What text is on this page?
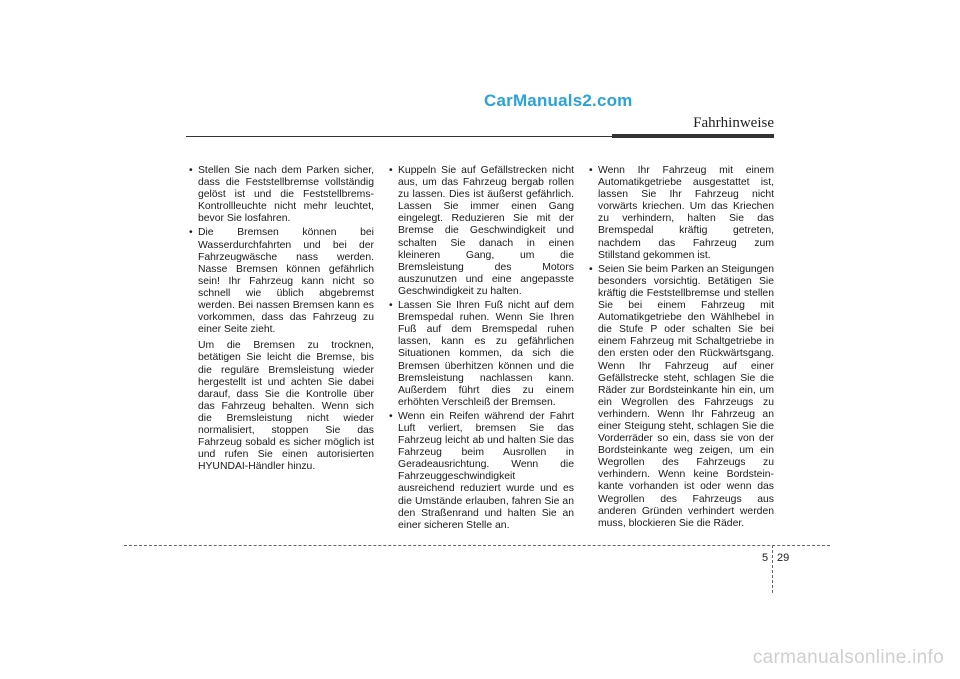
CarManuals2.com
Fahrhinweise
• Stellen Sie nach dem Parken sicher, dass die Feststellbremse vollständig gelöst ist und die Feststellbrems-Kontrollleuchte nicht mehr leuchtet, bevor Sie losfahren.
• Die Bremsen können bei Wasserdurchfahrten und bei der Fahrzeugwäsche nass werden. Nasse Bremsen können gefährlich sein! Ihr Fahrzeug kann nicht so schnell wie üblich abgebremst werden. Bei nassen Bremsen kann es vorkommen, dass das Fahrzeug zu einer Seite zieht.

Um die Bremsen zu trocknen, betätigen Sie leicht die Bremse, bis die reguläre Bremsleistung wieder hergestellt ist und achten Sie dabei darauf, dass Sie die Kontrolle über das Fahrzeug behalten. Wenn sich die Bremsleistung nicht wieder normalisiert, stoppen Sie das Fahrzeug sobald es sicher möglich ist und rufen Sie einen autorisierten HYUNDAI-Händler hinzu.

• Kuppeln Sie auf Gefällstrecken nicht aus, um das Fahrzeug bergab rollen zu lassen. Dies ist äußerst gefährlich. Lassen Sie immer einen Gang eingelegt. Reduzieren Sie mit der Bremse die Geschwindigkeit und schalten Sie danach in einen kleineren Gang, um die Bremsleistung des Motors auszunutzen und eine angepasste Geschwindigkeit zu halten.
• Lassen Sie Ihren Fuß nicht auf dem Bremspedal ruhen. Wenn Sie Ihren Fuß auf dem Bremspedal ruhen lassen, kann es zu gefährlichen Situationen kommen, da sich die Bremsen überhitzen können und die Bremsleistung nachlassen kann. Außerdem führt dies zu einem erhöhten Verschleiß der Bremsen.
• Wenn ein Reifen während der Fahrt Luft verliert, bremsen Sie das Fahrzeug leicht ab und halten Sie das Fahrzeug beim Ausrollen in Geradeausrichtung. Wenn die Fahrzeuggeschwindigkeit ausreichend reduziert wurde und es die Umstände erlauben, fahren Sie an den Straßenrand und halten Sie an einer sicheren Stelle an.
• Wenn Ihr Fahrzeug mit einem Automatikgetriebe ausgestattet ist, lassen Sie Ihr Fahrzeug nicht vorwärts kriechen. Um das Kriechen zu verhindern, halten Sie das Bremspedal kräftig getreten, nachdem das Fahrzeug zum Stillstand gekommen ist.
• Seien Sie beim Parken an Steigungen besonders vorsichtig. Betätigen Sie kräftig die Feststellbremse und stellen Sie bei einem Fahrzeug mit Automatikgetriebe den Wählhebel in die Stufe P oder schalten Sie bei einem Fahrzeug mit Schaltgetriebe in den ersten oder den Rückwärtsgang. Wenn Ihr Fahrzeug auf einer Gefällstrecke steht, schlagen Sie die Räder zur Bordsteinkante hin ein, um ein Wegrollen des Fahrzeugs zu verhindern. Wenn Ihr Fahrzeug an einer Steigung steht, schlagen Sie die Vorderräder so ein, dass sie von der Bordsteinkante weg zeigen, um ein Wegrollen des Fahrzeugs zu verhindern. Wenn keine Bordstein-kante vorhanden ist oder wenn das Wegrollen des Fahrzeugs aus anderen Gründen verhindert werden muss, blockieren Sie die Räder.
5 29
carmanualsonline.info
